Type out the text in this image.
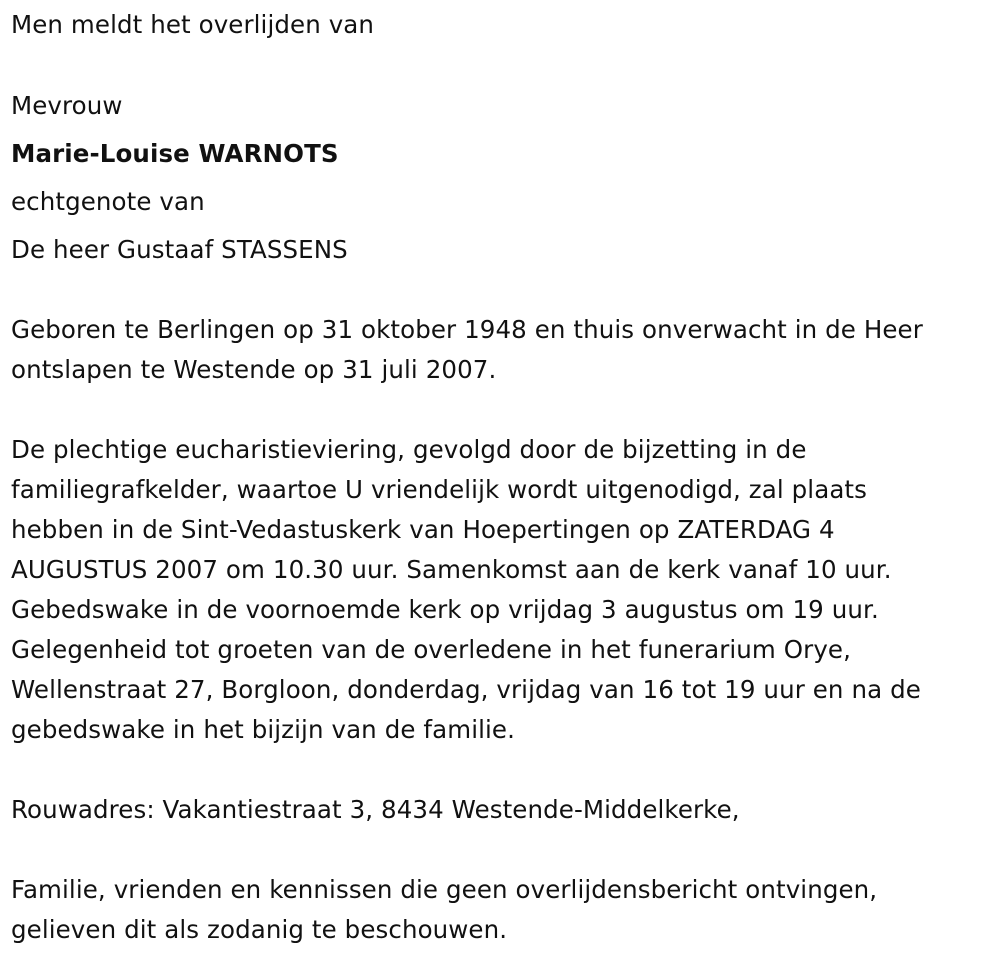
Men meldt het overlijden van

Mevrouw

Marie-Louise WARNOTS

echtgenote van

De heer Gustaaf STASSENS

Geboren te Berlingen op 31 oktober 1948 en thuis onverwacht in de Heer

ontslapen te Westende op 31 juli 2007.

De plechtige eucharistieviering, gevolgd door de bijzetting in de

familiegrafkelder, waartoe U vriendelijk wordt uitgenodigd, zal plaats

hebben in de Sint-Vedastuskerk van Hoepertingen op ZATERDAG 4

AUGUSTUS 2007 om 10.30 uur. Samenkomst aan de kerk vanaf 10 uur.

Gebedswake in de voornoemde kerk op vrijdag 3 augustus om 19 uur.

Gelegenheid tot groeten van de overledene in het funerarium Orye,

Wellenstraat 27, Borgloon, donderdag, vrijdag van 16 tot 19 uur en na de

gebedswake in het bijzijn van de familie.

Rouwadres: Vakantiestraat 3, 8434 Westende-Middelkerke,

Familie, vrienden en kennissen die geen overlijdensbericht ontvingen,

gelieven dit als zodanig te beschouwen.
